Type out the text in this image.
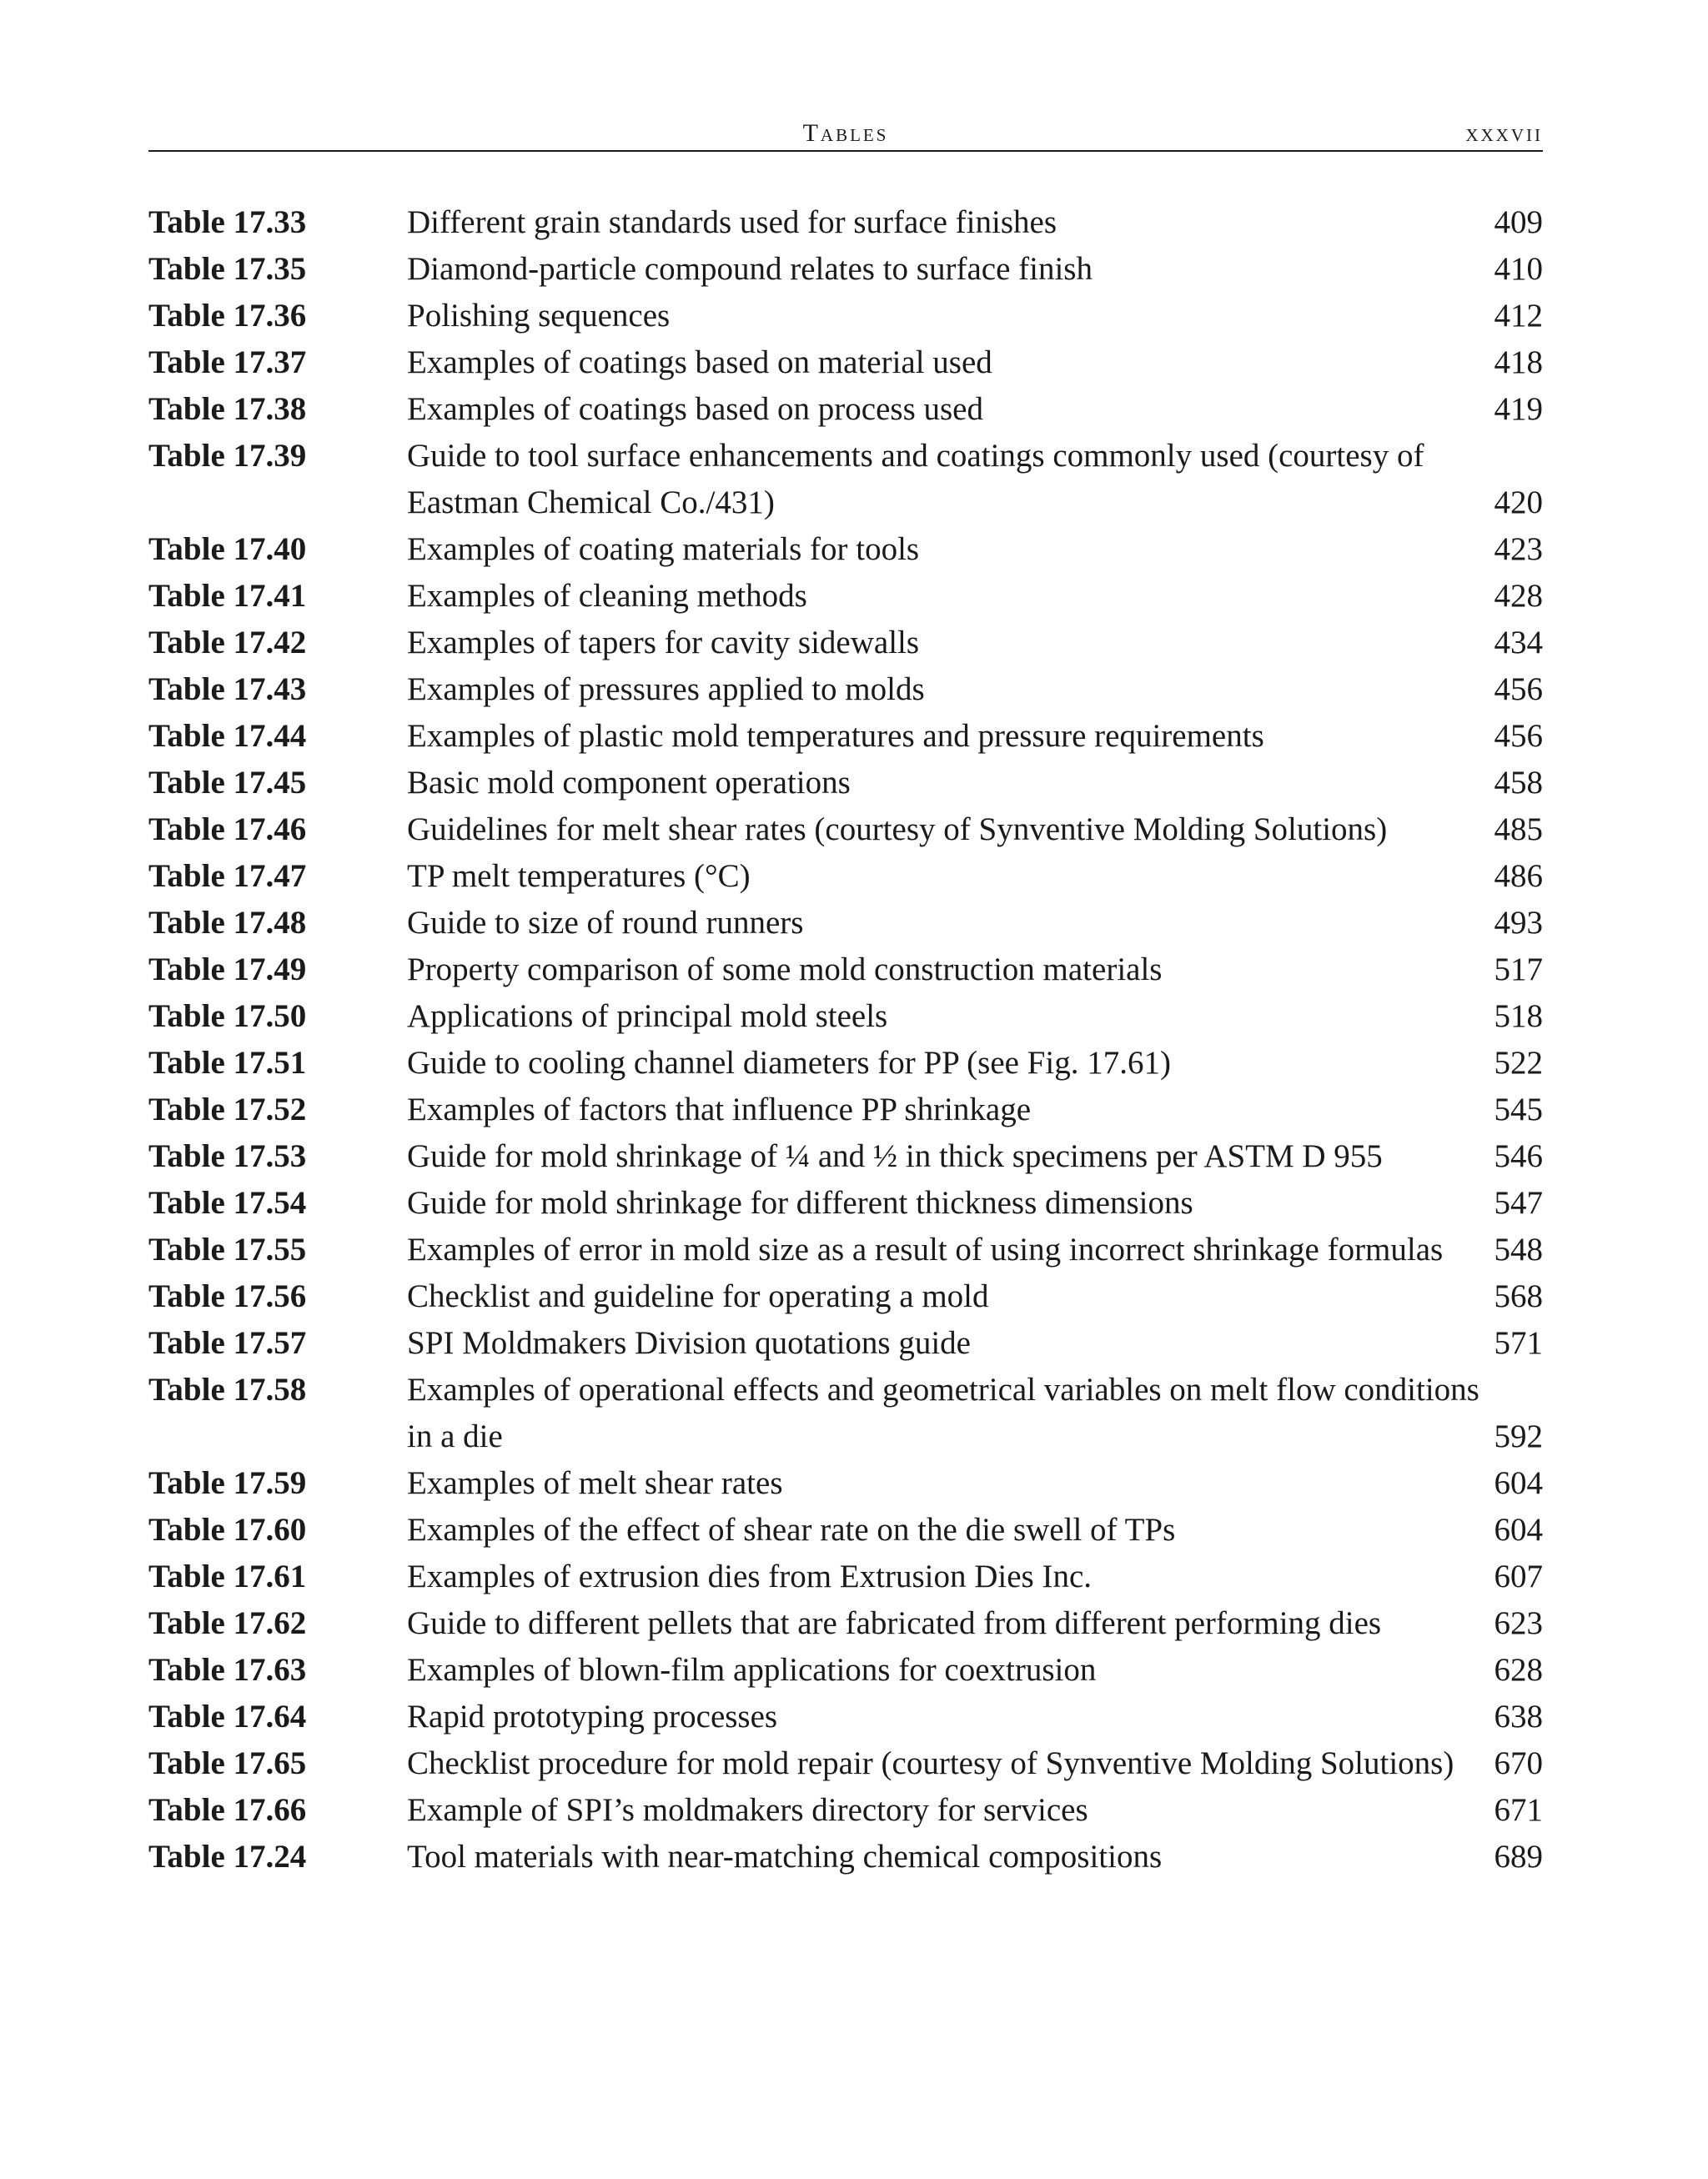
Tables	xxxvii
Table 17.33	Different grain standards used for surface finishes	409
Table 17.35	Diamond-particle compound relates to surface finish	410
Table 17.36	Polishing sequences	412
Table 17.37	Examples of coatings based on material used	418
Table 17.38	Examples of coatings based on process used	419
Table 17.39	Guide to tool surface enhancements and coatings commonly used (courtesy of Eastman Chemical Co./431)	420
Table 17.40	Examples of coating materials for tools	423
Table 17.41	Examples of cleaning methods	428
Table 17.42	Examples of tapers for cavity sidewalls	434
Table 17.43	Examples of pressures applied to molds	456
Table 17.44	Examples of plastic mold temperatures and pressure requirements	456
Table 17.45	Basic mold component operations	458
Table 17.46	Guidelines for melt shear rates (courtesy of Synventive Molding Solutions)	485
Table 17.47	TP melt temperatures (°C)	486
Table 17.48	Guide to size of round runners	493
Table 17.49	Property comparison of some mold construction materials	517
Table 17.50	Applications of principal mold steels	518
Table 17.51	Guide to cooling channel diameters for PP (see Fig. 17.61)	522
Table 17.52	Examples of factors that influence PP shrinkage	545
Table 17.53	Guide for mold shrinkage of ¼ and ½ in thick specimens per ASTM D 955	546
Table 17.54	Guide for mold shrinkage for different thickness dimensions	547
Table 17.55	Examples of error in mold size as a result of using incorrect shrinkage formulas	548
Table 17.56	Checklist and guideline for operating a mold	568
Table 17.57	SPI Moldmakers Division quotations guide	571
Table 17.58	Examples of operational effects and geometrical variables on melt flow conditions in a die	592
Table 17.59	Examples of melt shear rates	604
Table 17.60	Examples of the effect of shear rate on the die swell of TPs	604
Table 17.61	Examples of extrusion dies from Extrusion Dies Inc.	607
Table 17.62	Guide to different pellets that are fabricated from different performing dies	623
Table 17.63	Examples of blown-film applications for coextrusion	628
Table 17.64	Rapid prototyping processes	638
Table 17.65	Checklist procedure for mold repair (courtesy of Synventive Molding Solutions)	670
Table 17.66	Example of SPI’s moldmakers directory for services	671
Table 17.24	Tool materials with near-matching chemical compositions	689
